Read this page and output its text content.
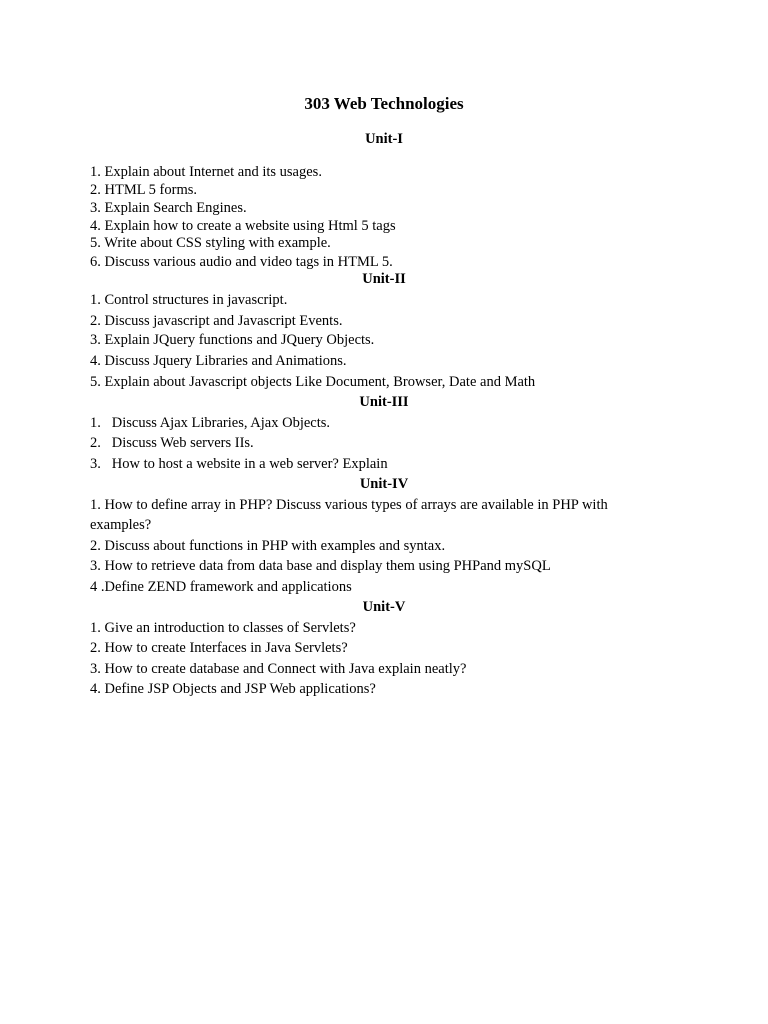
303 Web Technologies
Unit-I
1. Explain about Internet and its usages.
2. HTML 5 forms.
3. Explain Search Engines.
4. Explain how to create a website using Html 5 tags
5. Write about CSS styling with example.
6. Discuss various audio and video tags in HTML 5.
Unit-II
1. Control structures in javascript.
2. Discuss javascript and Javascript Events.
3. Explain JQuery functions and JQuery Objects.
4. Discuss Jquery Libraries and Animations.
5. Explain about Javascript objects Like Document, Browser, Date and Math
Unit-III
1.   Discuss Ajax Libraries, Ajax Objects.
2.   Discuss Web servers IIs.
3.   How to host a website in a web server? Explain
Unit-IV
1. How to define array in PHP? Discuss various types of arrays are available in PHP with examples?
2. Discuss about functions in PHP with examples and syntax.
3. How to retrieve data from data base and display them using PHPand mySQL
4 .Define ZEND framework and applications
Unit-V
1. Give an introduction to classes of Servlets?
2. How to create Interfaces in Java Servlets?
3. How to create database and Connect with Java explain neatly?
4. Define JSP Objects and JSP Web applications?
